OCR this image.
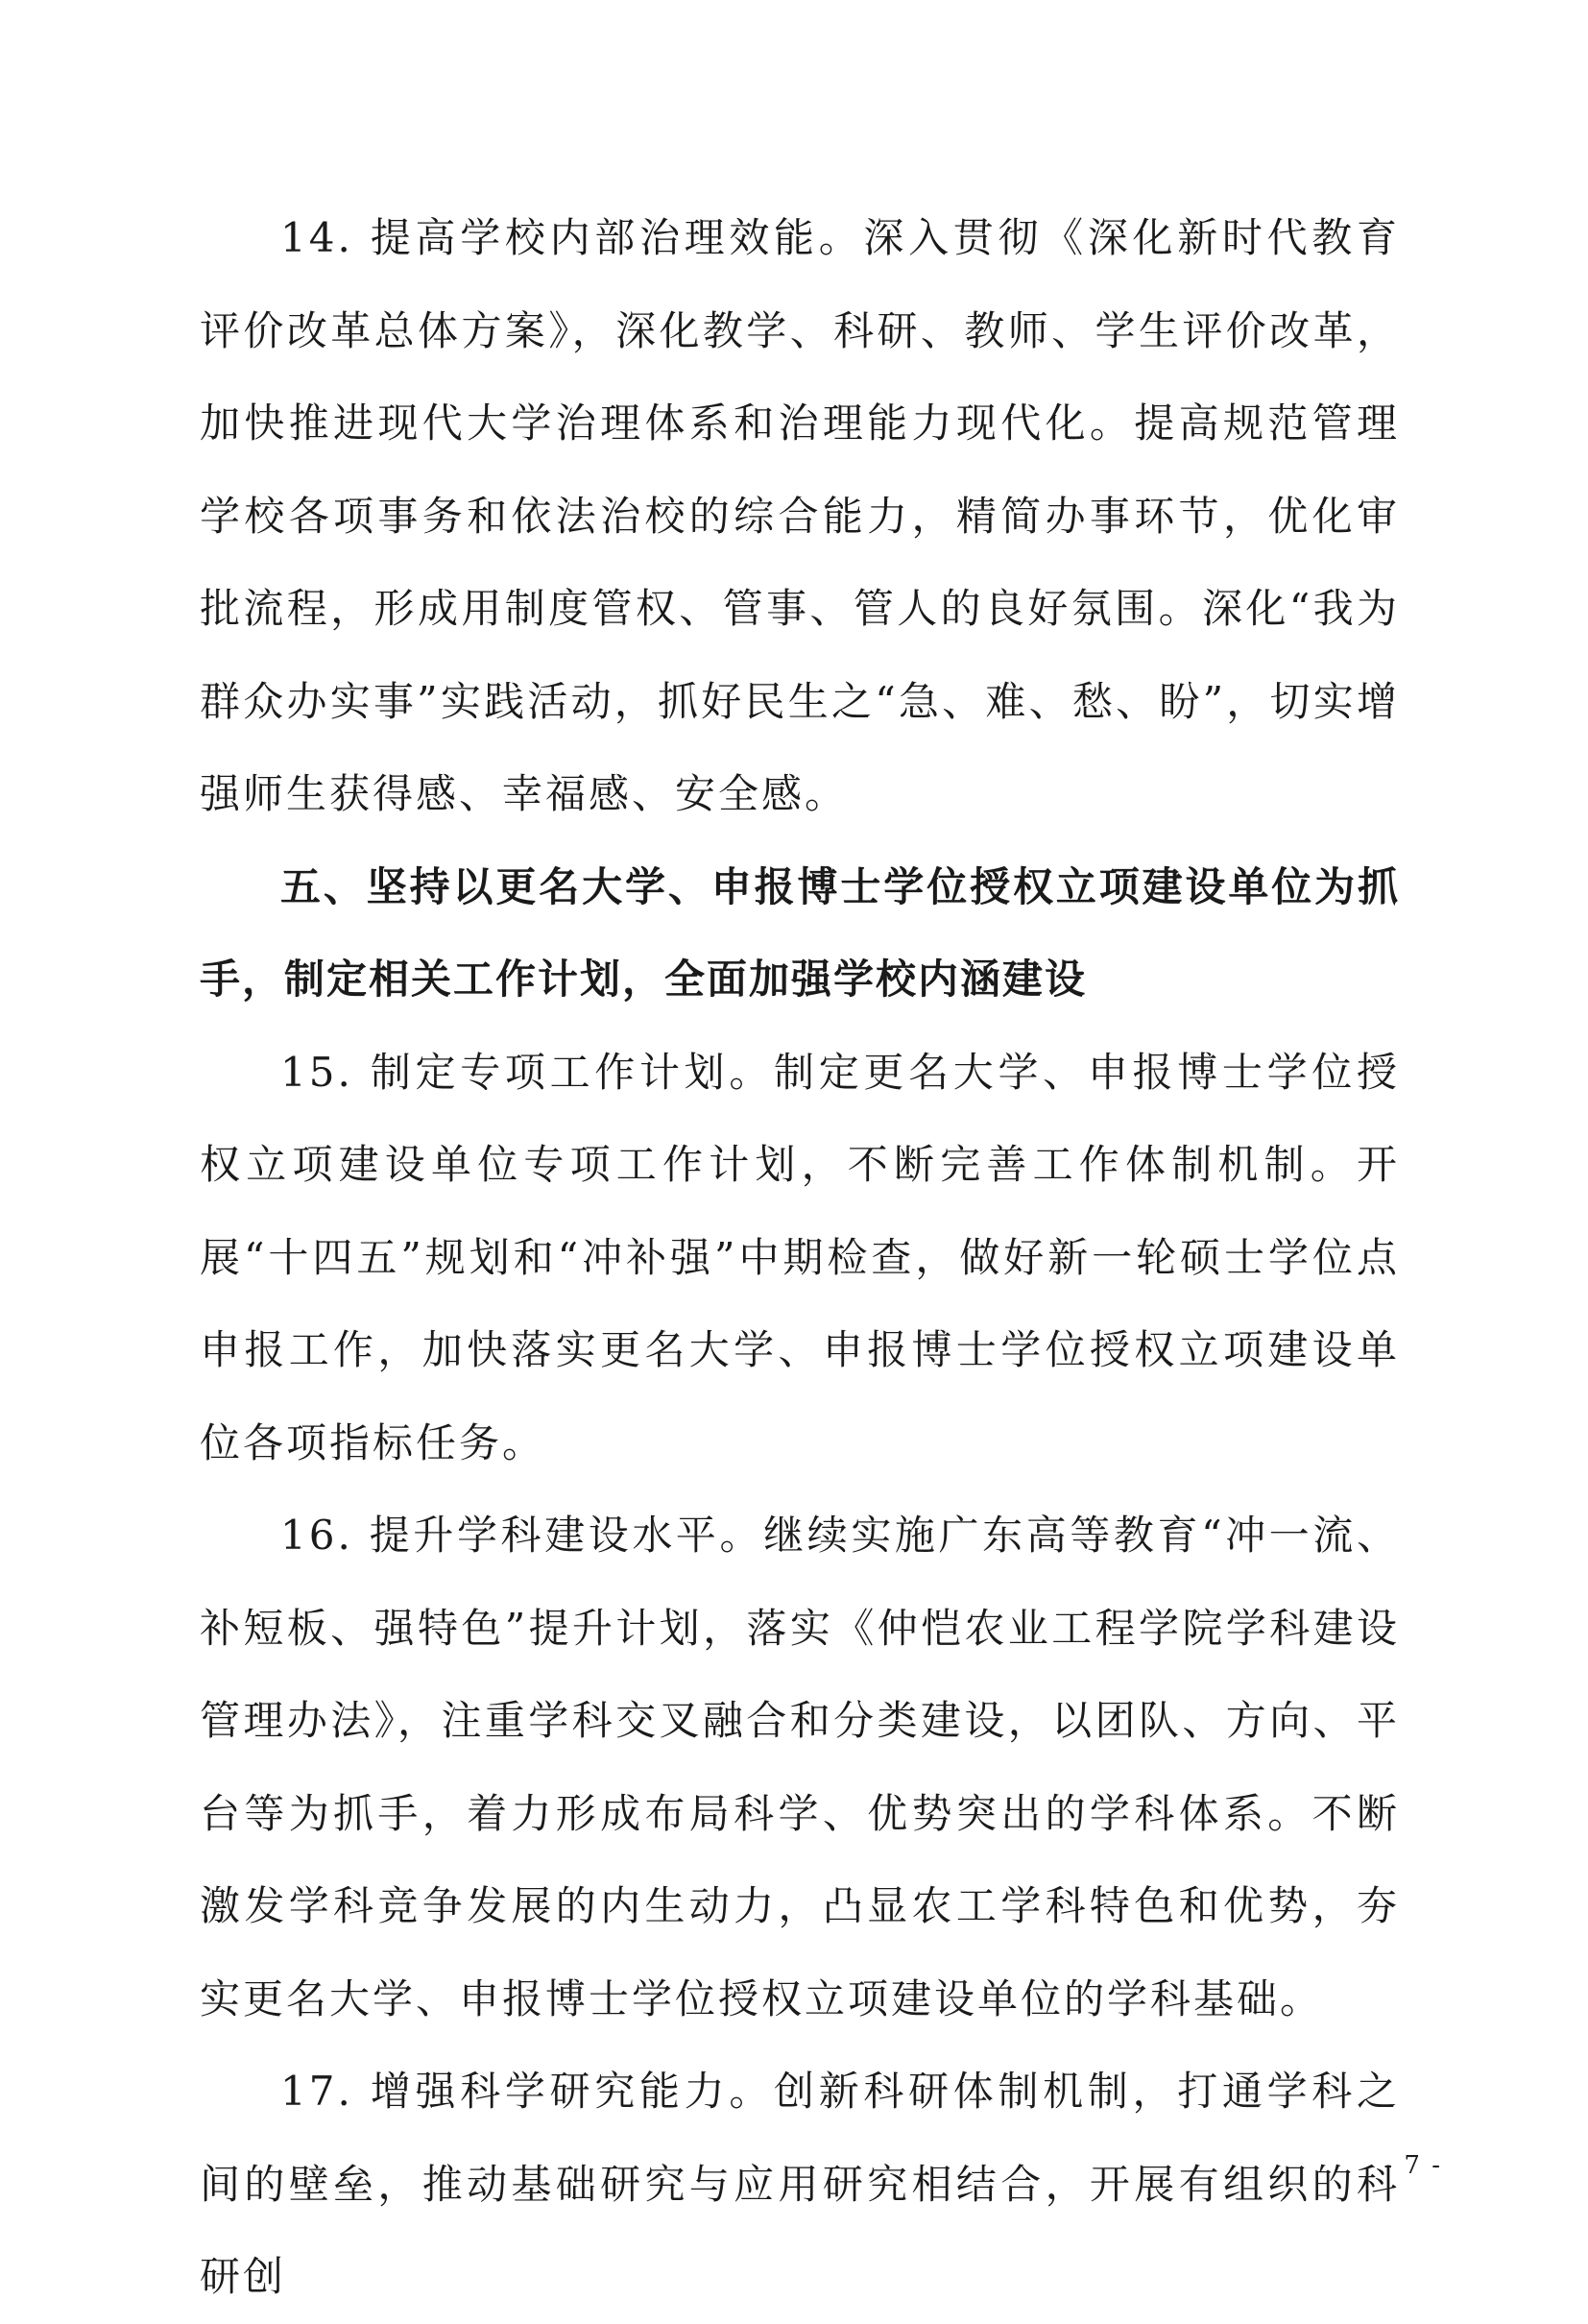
14. 提高学校内部治理效能。深入贯彻《深化新时代教育评价改革总体方案》，深化教学、科研、教师、学生评价改革，加快推进现代大学治理体系和治理能力现代化。提高规范管理学校各项事务和依法治校的综合能力，精简办事环节，优化审批流程，形成用制度管权、管事、管人的良好氛围。深化“我为群众办实事”实践活动，抓好民生之“急、难、愁、盼”，切实增强师生获得感、幸福感、安全感。

五、坚持以更名大学、申报博士学位授权立项建设单位为抓手，制定相关工作计划，全面加强学校内涵建设

15. 制定专项工作计划。制定更名大学、申报博士学位授权立项建设单位专项工作计划，不断完善工作体制机制。开展“十四五”规划和“冲补强”中期检查，做好新一轮硕士学位点申报工作，加快落实更名大学、申报博士学位授权立项建设单位各项指标任务。

16. 提升学科建设水平。继续实施广东高等教育“冲一流、补短板、强特色”提升计划，落实《仲恺农业工程学院学科建设管理办法》，注重学科交叉融合和分类建设，以团队、方向、平台等为抓手，着力形成布局科学、优势突出的学科体系。不断激发学科竞争发展的内生动力，凸显农工学科特色和优势，夯实更名大学、申报博士学位授权立项建设单位的学科基础。

17. 增强科学研究能力。创新科研体制机制，打通学科之间的壁垒，推动基础研究与应用研究相结合，开展有组织的科研创

- 7 -
